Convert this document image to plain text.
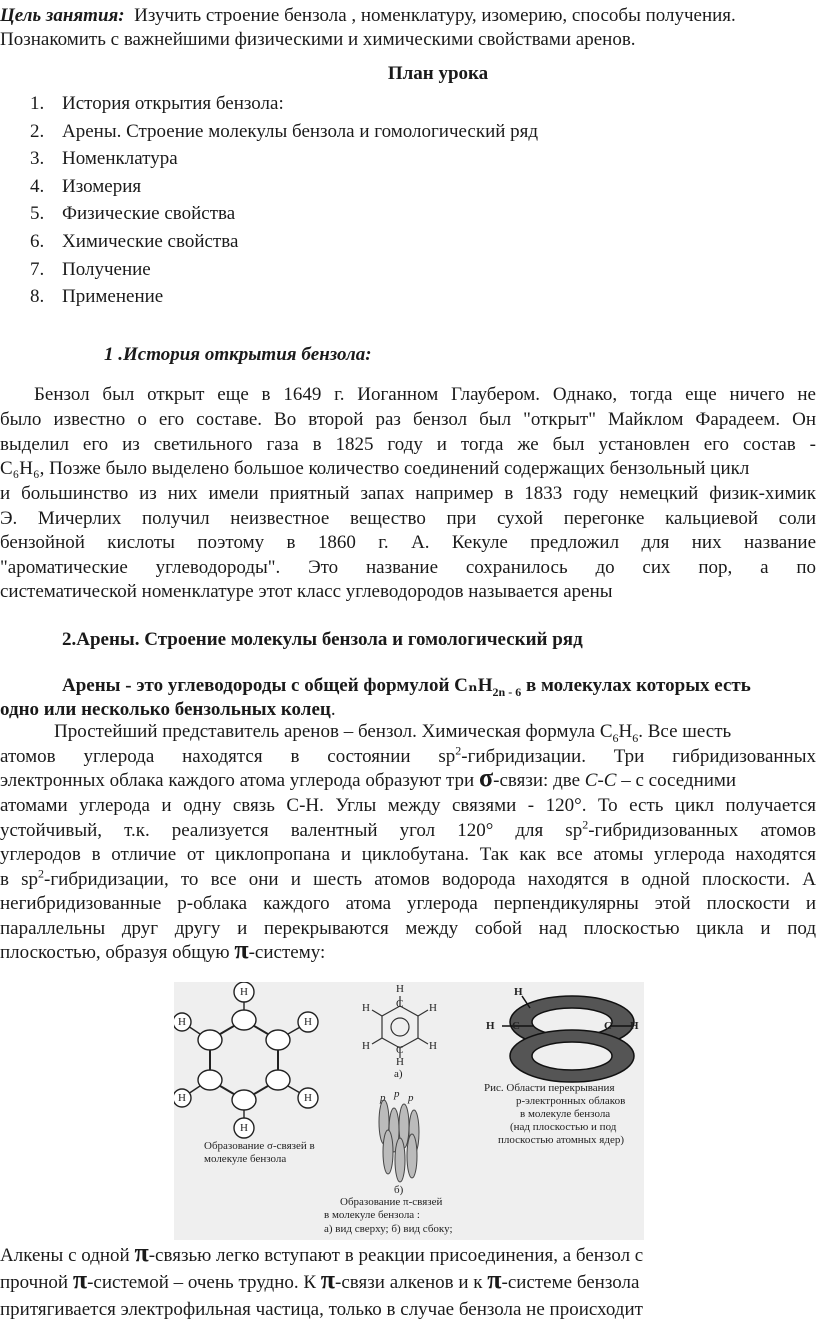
Цель занятия: Изучить строение бензола , номенклатуру, изомерию, способы получения.
Познакомить с важнейшими физическими и химическими свойствами аренов.
План урока
1. История открытия бензола:
2. Арены. Строение молекулы бензола и гомологический ряд
3. Номенклатура
4. Изомерия
5. Физические свойства
6. Химические свойства
7. Получение
8. Применение
1 .История открытия бензола:
Бензол был открыт еще в 1649 г. Иоганном Глаубером. Однако, тогда еще ничего не
было известно о его составе. Во второй раз бензол был "открыт" Майклом Фарадеем. Он
выделил его из светильного газа в 1825 году и тогда же был установлен его состав -
C₆H₆, Позже было выделено большое количество соединений содержащих бензольный цикл
и большинство из них имели приятный запах например в 1833 году немецкий физик-химик
Э. Мичерлих получил неизвестное вещество при сухой перегонке кальциевой соли
бензойной кислоты поэтому в 1860 г. А. Кекуле предложил для них название
"ароматические углеводороды". Это название сохранилось до сих пор, а по
систематической номенклатуре этот класс углеводородов называется арены
2.Арены. Строение молекулы бензола и гомологический ряд
Арены - это углеводороды с общей формулой CₙH$_{2n - 6}$ в молекулах которых есть
одно или несколько бензольных колец.
Простейший представитель аренов – бензол. Химическая формула $C_6H_6$. Все шесть
атомов углерода находятся в состоянии $sp^2$-гибридизации. Три гибридизованных
электронных облака каждого атома углерода образуют три σ-связи: две С-С – с соседними
атомами углерода и одну связь С-Н. Углы между связями - 120°. То есть цикл получается
устойчивый, т.к. реализуется валентный угол 120° для $sp^2$-гибридизованных атомов
углеродов в отличие от циклопропана и циклобутана. Так как все атомы углерода находятся
в $sp^2$-гибридизации, то все они и шесть атомов водорода находятся в одной плоскости. А
негибридизованные p-облака каждого атома углерода перпендикулярны этой плоскости и
параллельны друг другу и перекрываются между собой над плоскостью цикла и под
плоскостью, образуя общую π-систему:
H
H
H
H
H
H
H
H
H	H
H	H
C
C
H
H C	C H
p p p
а)
б)
Образование σ-связей в
молекуле бензола
Образование π-связей
в молекуле бензола :
а) вид сверху; б) вид сбоку;
Рис. Области перекрывания
р-электронных облаков
в молекуле бензола
(над плоскостью и под
плоскостью атомных ядер)
Алкены с одной π-связью легко вступают в реакции присоединения, а бензол с
прочной π-системой – очень трудно. К π-связи алкенов и к π-системе бензола
притягивается электрофильная частица, только в случае бензола не происходит
